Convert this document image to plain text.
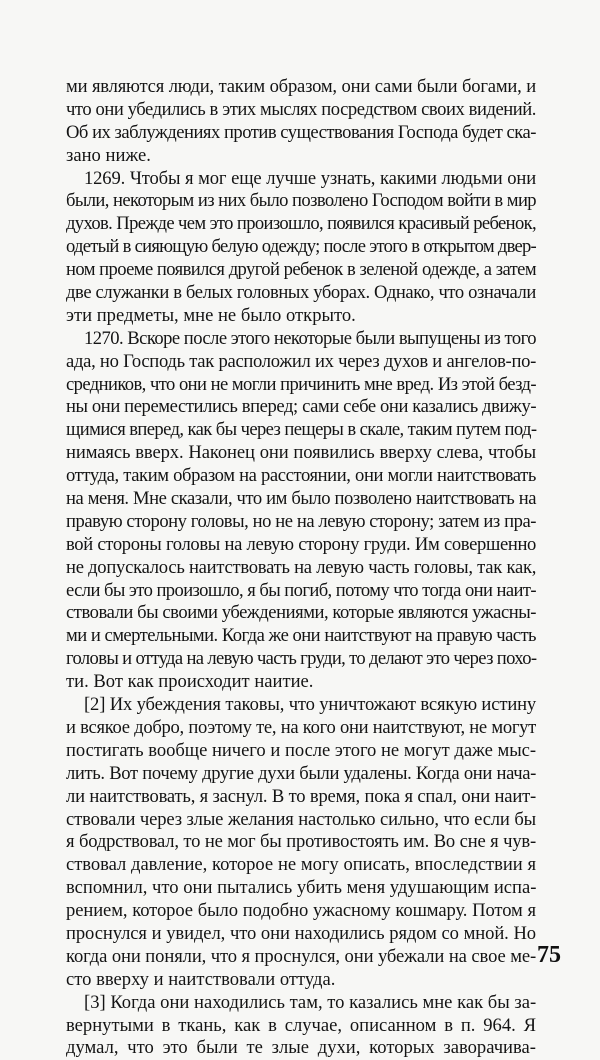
ми являются люди, таким образом, они сами были богами, и
что они убедились в этих мыслях посредством своих видений.
Об их заблуждениях против существования Господа будет ска-
зано ниже.
1269. Чтобы я мог еще лучше узнать, какими людьми они
были, некоторым из них было позволено Господом войти в мир
духов. Прежде чем это произошло, появился красивый ребенок,
одетый в сияющую белую одежду; после этого в открытом двер-
ном проеме появился другой ребенок в зеленой одежде, а затем
две служанки в белых головных уборах. Однако, что означали
эти предметы, мне не было открыто.
1270. Вскоре после этого некоторые были выпущены из того
ада, но Господь так расположил их через духов и ангелов-по-
средников, что они не могли причинить мне вред. Из этой безд-
ны они переместились вперед; сами себе они казались движу-
щимися вперед, как бы через пещеры в скале, таким путем под-
нимаясь вверх. Наконец они появились вверху слева, чтобы
оттуда, таким образом на расстоянии, они могли наитствовать
на меня. Мне сказали, что им было позволено наитствовать на
правую сторону головы, но не на левую сторону; затем из пра-
вой стороны головы на левую сторону груди. Им совершенно
не допускалось наитствовать на левую часть головы, так как,
если бы это произошло, я бы погиб, потому что тогда они наит-
ствовали бы своими убеждениями, которые являются ужасны-
ми и смертельными. Когда же они наитствуют на правую часть
головы и оттуда на левую часть груди, то делают это через похо-
ти. Вот как происходит наитие.
[2] Их убеждения таковы, что уничтожают всякую истину
и всякое добро, поэтому те, на кого они наитствуют, не могут
постигать вообще ничего и после этого не могут даже мыс-
лить. Вот почему другие духи были удалены. Когда они нача-
ли наитствовать, я заснул. В то время, пока я спал, они наит-
ствовали через злые желания настолько сильно, что если бы
я бодрствовал, то не мог бы противостоять им. Во сне я чув-
ствовал давление, которое не могу описать, впоследствии я
вспомнил, что они пытались убить меня удушающим испа-
рением, которое было подобно ужасному кошмару. Потом я
проснулся и увидел, что они находились рядом со мной. Но
когда они поняли, что я проснулся, они убежали на свое ме-
сто вверху и наитствовали оттуда.
[3] Когда они находились там, то казались мне как бы за-
вернутыми в ткань, как в случае, описанном в п. 964. Я
думал, что это были те злые духи, которых заворачива-
75
